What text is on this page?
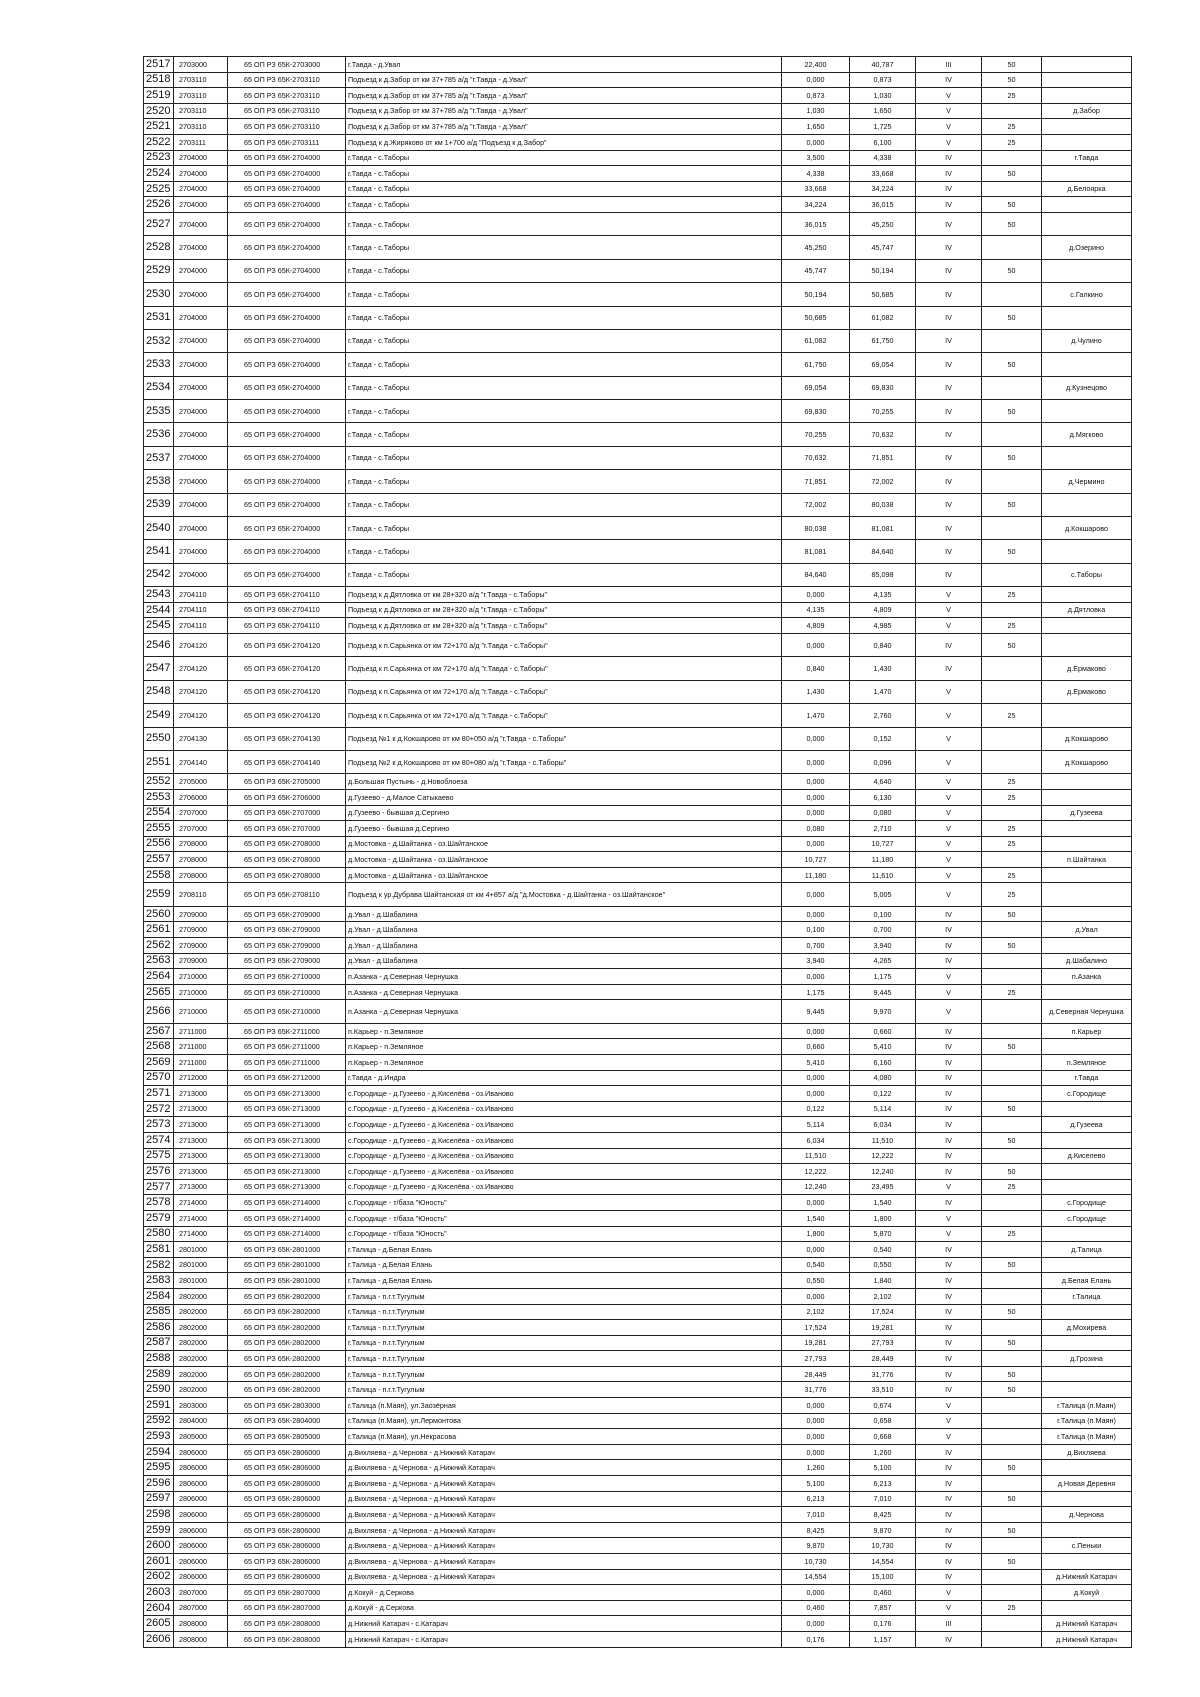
2517	2703000	65 ОП РЗ 65К-2703000	г.Тавда - д.Увал	22,400	40,787	III	50	
2518	2703110	65 ОП РЗ 65К-2703110	Подъезд к д.Забор от км 37+785 а/д "г.Тавда - д.Увал"	0,000	0,873	IV	50	
2519	2703110	65 ОП РЗ 65К-2703110	Подъезд к д.Забор от км 37+785 а/д "г.Тавда - д.Увал"	0,873	1,030	V	25	
2520	2703110	65 ОП РЗ 65К-2703110	Подъезд к д.Забор от км 37+785 а/д "г.Тавда - д.Увал"	1,030	1,650	V		д.Забор
2521	2703110	65 ОП РЗ 65К-2703110	Подъезд к д.Забор от км 37+785 а/д "г.Тавда - д.Увал"	1,650	1,725	V	25	
2522	2703111	65 ОП РЗ 65К-2703111	Подъезд к д.Жиряково от км 1+700 а/д "Подъезд к д.Забор"	0,000	6,100	V	25	
2523	2704000	65 ОП РЗ 65К-2704000	г.Тавда - с.Таборы	3,500	4,338	IV		г.Тавда
2524	2704000	65 ОП РЗ 65К-2704000	г.Тавда - с.Таборы	4,338	33,668	IV	50	
2525	2704000	65 ОП РЗ 65К-2704000	г.Тавда - с.Таборы	33,668	34,224	IV		д.Белоярка
2526	2704000	65 ОП РЗ 65К-2704000	г.Тавда - с.Таборы	34,224	36,015	IV	50	
2527	2704000	65 ОП РЗ 65К-2704000	г.Тавда - с.Таборы	36,015	45,250	IV	50	
2528	2704000	65 ОП РЗ 65К-2704000	г.Тавда - с.Таборы	45,250	45,747	IV		д.Озерино
2529	2704000	65 ОП РЗ 65К-2704000	г.Тавда - с.Таборы	45,747	50,194	IV	50	
2530	2704000	65 ОП РЗ 65К-2704000	г.Тавда - с.Таборы	50,194	50,685	IV		с.Галкино
2531	2704000	65 ОП РЗ 65К-2704000	г.Тавда - с.Таборы	50,685	61,082	IV	50	
2532	2704000	65 ОП РЗ 65К-2704000	г.Тавда - с.Таборы	61,082	61,750	IV		д.Чулино
2533	2704000	65 ОП РЗ 65К-2704000	г.Тавда - с.Таборы	61,750	69,054	IV	50	
2534	2704000	65 ОП РЗ 65К-2704000	г.Тавда - с.Таборы	69,054	69,830	IV		д.Кузнецово
2535	2704000	65 ОП РЗ 65К-2704000	г.Тавда - с.Таборы	69,830	70,255	IV	50	
2536	2704000	65 ОП РЗ 65К-2704000	г.Тавда - с.Таборы	70,255	70,632	IV		д.Мягково
2537	2704000	65 ОП РЗ 65К-2704000	г.Тавда - с.Таборы	70,632	71,851	IV	50	
2538	2704000	65 ОП РЗ 65К-2704000	г.Тавда - с.Таборы	71,851	72,002	IV		д.Чермино
2539	2704000	65 ОП РЗ 65К-2704000	г.Тавда - с.Таборы	72,002	80,038	IV	50	
2540	2704000	65 ОП РЗ 65К-2704000	г.Тавда - с.Таборы	80,038	81,081	IV		д.Кокшарово
2541	2704000	65 ОП РЗ 65К-2704000	г.Тавда - с.Таборы	81,081	84,640	IV	50	
2542	2704000	65 ОП РЗ 65К-2704000	г.Тавда - с.Таборы	84,640	85,098	IV		с.Таборы
2543	2704110	65 ОП РЗ 65К-2704110	Подъезд к д.Дятловка от км 28+320 а/д "г.Тавда - с.Таборы"	0,000	4,135	V	25	
2544	2704110	65 ОП РЗ 65К-2704110	Подъезд к д.Дятловка от км 28+320 а/д "г.Тавда - с.Таборы"	4,135	4,809	V		д.Дятловка
2545	2704110	65 ОП РЗ 65К-2704110	Подъезд к д.Дятловка от км 28+320 а/д "г.Тавда - с.Таборы"	4,809	4,985	V	25	
2546	2704120	65 ОП РЗ 65К-2704120	Подъезд к п.Сарьянка от км 72+170 а/д "г.Тавда - с.Таборы"	0,000	0,840	IV	50	
2547	2704120	65 ОП РЗ 65К-2704120	Подъезд к п.Сарьянка от км 72+170 а/д "г.Тавда - с.Таборы"	0,840	1,430	IV		д.Ермаково
2548	2704120	65 ОП РЗ 65К-2704120	Подъезд к п.Сарьянка от км 72+170 а/д "г.Тавда - с.Таборы"	1,430	1,470	V		д.Ермаково
2549	2704120	65 ОП РЗ 65К-2704120	Подъезд к п.Сарьянка от км 72+170 а/д "г.Тавда - с.Таборы"	1,470	2,760	V	25	
2550	2704130	65 ОП РЗ 65К-2704130	Подъезд №1 к д.Кокшарово от км 80+050 а/д "г.Тавда - с.Таборы"	0,000	0,152	V		д.Кокшарово
2551	2704140	65 ОП РЗ 65К-2704140	Подъезд №2 к д.Кокшарово от км 80+080 а/д "г.Тавда - с.Таборы"	0,000	0,096	V		д.Кокшарово
2552	2705000	65 ОП РЗ 65К-2705000	д.Большая Пустынь - д.Новоблоеза	0,000	4,640	V	25	
2553	2706000	65 ОП РЗ 65К-2706000	д.Гузеево - д.Малое Сатыкаево	0,000	6,130	V	25	
2554	2707000	65 ОП РЗ 65К-2707000	д.Гузеево - бывшая д.Сергино	0,000	0,080	V		д.Гузеева
2555	2707000	65 ОП РЗ 65К-2707000	д.Гузеево - бывшая д.Сергино	0,080	2,710	V	25	
2556	2708000	65 ОП РЗ 65К-2708000	д.Мостовка - д.Шайтанка - оз.Шайтанское	0,000	10,727	V	25	
2557	2708000	65 ОП РЗ 65К-2708000	д.Мостовка - д.Шайтанка - оз.Шайтанское	10,727	11,180	V		п.Шайтанка
2558	2708000	65 ОП РЗ 65К-2708000	д.Мостовка - д.Шайтанка - оз.Шайтанское	11,180	11,610	V	25	
2559	2708110	65 ОП РЗ 65К-2708110	Подъезд к ур.Дубрава Шайтанская от км 4+857 а/д "д.Мостовка - д.Шайтанка - оз.Шайтанское"	0,000	5,005	V	25	
2560	2709000	65 ОП РЗ 65К-2709000	д.Увал - д.Шабалина	0,000	0,100	IV	50	
2561	2709000	65 ОП РЗ 65К-2709000	д.Увал - д.Шабалина	0,100	0,700	IV		д.Увал
2562	2709000	65 ОП РЗ 65К-2709000	д.Увал - д.Шабалина	0,700	3,940	IV	50	
2563	2709000	65 ОП РЗ 65К-2709000	д.Увал - д.Шабалина	3,940	4,265	IV		д.Шабалино
2564	2710000	65 ОП РЗ 65К-2710000	п.Азанка - д.Северная Чернушка	0,000	1,175	V		п.Азанка
2565	2710000	65 ОП РЗ 65К-2710000	п.Азанка - д.Северная Чернушка	1,175	9,445	V	25	
2566	2710000	65 ОП РЗ 65К-2710000	п.Азанка - д.Северная Чернушка	9,445	9,970	V		д.Северная Чернушка
2567	2711000	65 ОП РЗ 65К-2711000	п.Карьер - п.Земляное	0,000	0,660	IV		п.Карьер
2568	2711000	65 ОП РЗ 65К-2711000	п.Карьер - п.Земляное	0,660	5,410	IV	50	
2569	2711000	65 ОП РЗ 65К-2711000	п.Карьер - п.Земляное	5,410	6,160	IV		п.Земляное
2570	2712000	65 ОП РЗ 65К-2712000	г.Тавда - д.Индра	0,000	4,080	IV		г.Тавда
2571	2713000	65 ОП РЗ 65К-2713000	с.Городище - д.Гузеево - д.Киселёва - оз.Иваново	0,000	0,122	IV		с.Городище
2572	2713000	65 ОП РЗ 65К-2713000	с.Городище - д.Гузеево - д.Киселёва - оз.Иваново	0,122	5,114	IV	50	
2573	2713000	65 ОП РЗ 65К-2713000	с.Городище - д.Гузеево - д.Киселёва - оз.Иваново	5,114	6,034	IV		д.Гузеева
2574	2713000	65 ОП РЗ 65К-2713000	с.Городище - д.Гузеево - д.Киселёва - оз.Иваново	6,034	11,510	IV	50	
2575	2713000	65 ОП РЗ 65К-2713000	с.Городище - д.Гузеево - д.Киселёва - оз.Иваново	11,510	12,222	IV		д.Киселево
2576	2713000	65 ОП РЗ 65К-2713000	с.Городище - д.Гузеево - д.Киселёва - оз.Иваново	12,222	12,240	IV	50	
2577	2713000	65 ОП РЗ 65К-2713000	с.Городище - д.Гузеево - д.Киселёва - оз.Иваново	12,240	23,495	V	25	
2578	2714000	65 ОП РЗ 65К-2714000	с.Городище - т/база "Юность"	0,000	1,540	IV		с.Городище
2579	2714000	65 ОП РЗ 65К-2714000	с.Городище - т/база "Юность"	1,540	1,800	V		с.Городище
2580	2714000	65 ОП РЗ 65К-2714000	с.Городище - т/база "Юность"	1,800	5,870	V	25	
2581	2801000	65 ОП РЗ 65К-2801000	г.Талица - д.Белая Елань	0,000	0,540	IV		д.Талица
2582	2801000	65 ОП РЗ 65К-2801000	г.Талица - д.Белая Елань	0,540	0,550	IV	50	
2583	2801000	65 ОП РЗ 65К-2801000	г.Талица - д.Белая Елань	0,550	1,840	IV		д.Белая Елань
2584	2802000	65 ОП РЗ 65К-2802000	г.Талица - п.г.т.Тугулым	0,000	2,102	IV		г.Талица
2585	2802000	65 ОП РЗ 65К-2802000	г.Талица - п.г.т.Тугулым	2,102	17,524	IV	50	
2586	2802000	65 ОП РЗ 65К-2802000	г.Талица - п.г.т.Тугулым	17,524	19,281	IV		д.Мохирева
2587	2802000	65 ОП РЗ 65К-2802000	г.Талица - п.г.т.Тугулым	19,281	27,793	IV	50	
2588	2802000	65 ОП РЗ 65К-2802000	г.Талица - п.г.т.Тугулым	27,793	28,449	IV		д.Грозина
2589	2802000	65 ОП РЗ 65К-2802000	г.Талица - п.г.т.Тугулым	28,449	31,776	IV	50	
2590	2802000	65 ОП РЗ 65К-2802000	г.Талица - п.г.т.Тугулым	31,776	33,510	IV	50	
2591	2803000	65 ОП РЗ 65К-2803000	г.Талица (п.Маян), ул.Заозёрная	0,000	0,674	V		г.Талица (п.Маян)
2592	2804000	65 ОП РЗ 65К-2804000	г.Талица (п.Маян), ул.Лермонтова	0,000	0,658	V		г.Талица (п.Маян)
2593	2805000	65 ОП РЗ 65К-2805000	г.Талица (п.Маян), ул.Некрасова	0,000	0,668	V		г.Талица (п.Маян)
2594	2806000	65 ОП РЗ 65К-2806000	д.Вихляева - д.Чернова - д.Нижний Катарач	0,000	1,260	IV		д.Вихляева
2595	2806000	65 ОП РЗ 65К-2806000	д.Вихляева - д.Чернова - д.Нижний Катарач	1,260	5,100	IV	50	
2596	2806000	65 ОП РЗ 65К-2806000	д.Вихляева - д.Чернова - д.Нижний Катарач	5,100	6,213	IV		д.Новая Деревня
2597	2806000	65 ОП РЗ 65К-2806000	д.Вихляева - д.Чернова - д.Нижний Катарач	6,213	7,010	IV	50	
2598	2806000	65 ОП РЗ 65К-2806000	д.Вихляева - д.Чернова - д.Нижний Катарач	7,010	8,425	IV		д.Чернова
2599	2806000	65 ОП РЗ 65К-2806000	д.Вихляева - д.Чернова - д.Нижний Катарач	8,425	9,870	IV	50	
2600	2806000	65 ОП РЗ 65К-2806000	д.Вихляева - д.Чернова - д.Нижний Катарач	9,870	10,730	IV		с.Пеньки
2601	2806000	65 ОП РЗ 65К-2806000	д.Вихляева - д.Чернова - д.Нижний Катарач	10,730	14,554	IV	50	
2602	2806000	65 ОП РЗ 65К-2806000	д.Вихляева - д.Чернова - д.Нижний Катарач	14,554	15,100	IV		д.Нижний Катарач
2603	2807000	65 ОП РЗ 65К-2807000	д.Кокуй - д.Серкова	0,000	0,460	V		д.Кокуй
2604	2807000	65 ОП РЗ 65К-2807000	д.Кокуй - д.Серкова	0,460	7,857	V	25	
2605	2808000	65 ОП РЗ 65К-2808000	д.Нижний Катарач - с.Катарач	0,000	0,176	III		д.Нижний Катарач
2606	2808000	65 ОП РЗ 65К-2808000	д.Нижний Катарач - с.Катарач	0,176	1,157	IV		д.Нижний Катарач
